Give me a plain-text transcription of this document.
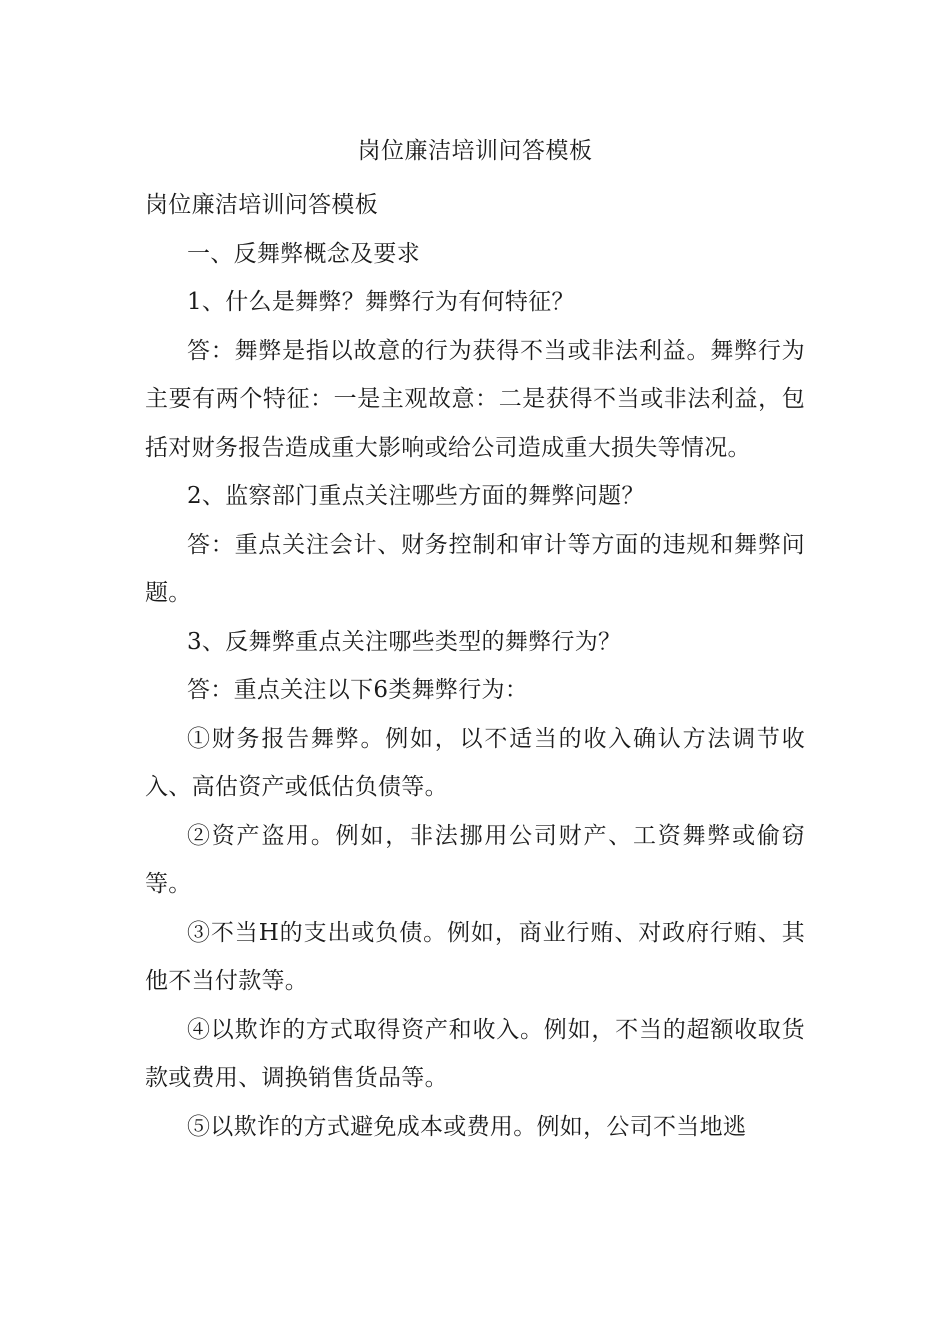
岗位廉洁培训问答模板

岗位廉洁培训问答模板

一、反舞弊概念及要求

1、什么是舞弊？舞弊行为有何特征？

答：舞弊是指以故意的行为获得不当或非法利益。舞弊行为主要有两个特征：一是主观故意：二是获得不当或非法利益，包括对财务报告造成重大影响或给公司造成重大损失等情况。

2、监察部门重点关注哪些方面的舞弊问题？

答：重点关注会计、财务控制和审计等方面的违规和舞弊问题。

3、反舞弊重点关注哪些类型的舞弊行为？

答：重点关注以下6类舞弊行为：

①财务报告舞弊。例如，以不适当的收入确认方法调节收入、高估资产或低估负债等。

②资产盗用。例如，非法挪用公司财产、工资舞弊或偷窃等。

③不当H的支出或负债。例如，商业行贿、对政府行贿、其他不当付款等。

④以欺诈的方式取得资产和收入。例如，不当的超额收取货款或费用、调换销售货品等。

⑤以欺诈的方式避免成本或费用。例如，公司不当地逃
